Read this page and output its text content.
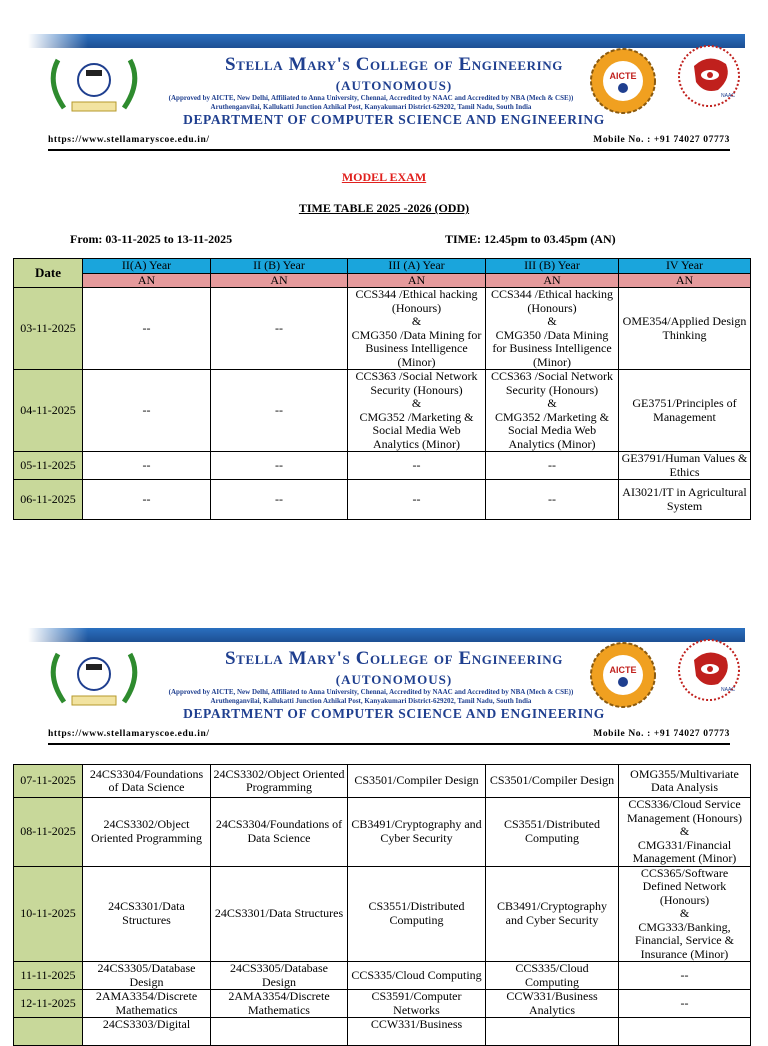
Stella Mary's College of Engineering
(AUTONOMOUS)
(Approved by AICTE, New Delhi, Affiliated to Anna University, Chennai, Accredited by NAAC and Accredited by NBA (Mech & CSE))
Aruthenganvilai, Kallukatti Junction Azhikal Post, Kanyakumari District-629202, Tamil Nadu, South India
DEPARTMENT OF COMPUTER SCIENCE AND ENGINEERING
AICTE
NAAC
https://www.stellamaryscoe.edu.in/	Mobile No. : +91 74027 07773
MODEL EXAM
TIME TABLE 2025 -2026 (ODD)
From: 03-11-2025 to 13-11-2025	TIME: 12.45pm to 03.45pm (AN)
Date	II(A) Year	II (B) Year	III (A) Year	III (B) Year	IV Year
	AN	AN	AN	AN	AN
03-11-2025	--	--	CCS344 /Ethical hacking (Honours)
&
CMG350 /Data Mining for Business Intelligence (Minor)	CCS344 /Ethical hacking (Honours)
&
CMG350 /Data Mining for Business Intelligence (Minor)	OME354/Applied Design Thinking
04-11-2025	--	--	CCS363 /Social Network Security (Honours)
&
CMG352 /Marketing & Social Media Web Analytics (Minor)	CCS363 /Social Network Security (Honours)
&
CMG352 /Marketing & Social Media Web Analytics (Minor)	GE3751/Principles of Management
05-11-2025	--	--	--	--	GE3791/Human Values & Ethics
06-11-2025	--	--	--	--	AI3021/IT in Agricultural System
Stella Mary's College of Engineering
(AUTONOMOUS)
(Approved by AICTE, New Delhi, Affiliated to Anna University, Chennai, Accredited by NAAC and Accredited by NBA (Mech & CSE))
Aruthenganvilai, Kallukatti Junction Azhikal Post, Kanyakumari District-629202, Tamil Nadu, South India
DEPARTMENT OF COMPUTER SCIENCE AND ENGINEERING
AICTE
NAAC
https://www.stellamaryscoe.edu.in/	Mobile No. : +91 74027 07773
07-11-2025	24CS3304/Foundations of Data Science	24CS3302/Object Oriented Programming	CS3501/Compiler Design	CS3501/Compiler Design	OMG355/Multivariate Data Analysis
08-11-2025	24CS3302/Object Oriented Programming	24CS3304/Foundations of Data Science	CB3491/Cryptography and Cyber Security	CS3551/Distributed Computing	CCS336/Cloud Service Management (Honours)
&
CMG331/Financial Management (Minor)
10-11-2025	24CS3301/Data Structures	24CS3301/Data Structures	CS3551/Distributed Computing	CB3491/Cryptography and Cyber Security	CCS365/Software Defined Network (Honours)
&
CMG333/Banking, Financial, Service & Insurance (Minor)
11-11-2025	24CS3305/Database Design	24CS3305/Database Design	CCS335/Cloud Computing	CCS335/Cloud Computing	--
12-11-2025	2AMA3354/Discrete Mathematics	2AMA3354/Discrete Mathematics	CS3591/Computer Networks	CCW331/Business Analytics	--
	24CS3303/Digital		CCW331/Business		
